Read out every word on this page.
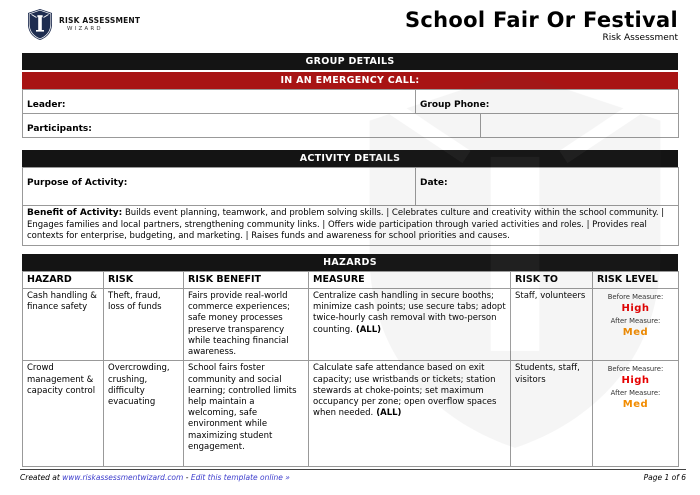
RISK ASSESSMENT
WIZARD	School Fair Or Festival
Risk Assessment
GROUP DETAILS
IN AN EMERGENCY CALL:
Leader:	Group Phone:	
Participants:		
ACTIVITY DETAILS
Purpose of Activity:	Date:
Benefit of Activity: Builds event planning, teamwork, and problem solving skills. | Celebrates culture and creativity within the school community. | Engages families and local partners, strengthening community links. | Offers wide participation through varied activities and roles. | Provides real contexts for enterprise, budgeting, and marketing. | Raises funds and awareness for school priorities and causes.
HAZARDS
HAZARD	RISK	RISK BENEFIT	MEASURE	RISK TO	RISK LEVEL
Cash handling & finance safety	Theft, fraud, loss of funds	Fairs provide real-world commerce experiences; safe money processes preserve transparency while teaching financial awareness.	Centralize cash handling in secure booths; minimize cash points; use secure tabs; adopt twice-hourly cash removal with two-person counting. (ALL)	Staff, volunteers	Before Measure:
High
After Measure:
Med

Crowd management & capacity control	Overcrowding, crushing, difficulty evacuating	School fairs foster community and social learning; controlled limits help maintain a welcoming, safe environment while maximizing student engagement.	Calculate safe attendance based on exit capacity; use wristbands or tickets; station stewards at choke-points; set maximum occupancy per zone; open overflow spaces when needed. (ALL)	Students, staff, visitors	Before Measure:
High
After Measure:
Med
Created at www.riskassessmentwizard.com - Edit this template online »	Page 1 of 6
